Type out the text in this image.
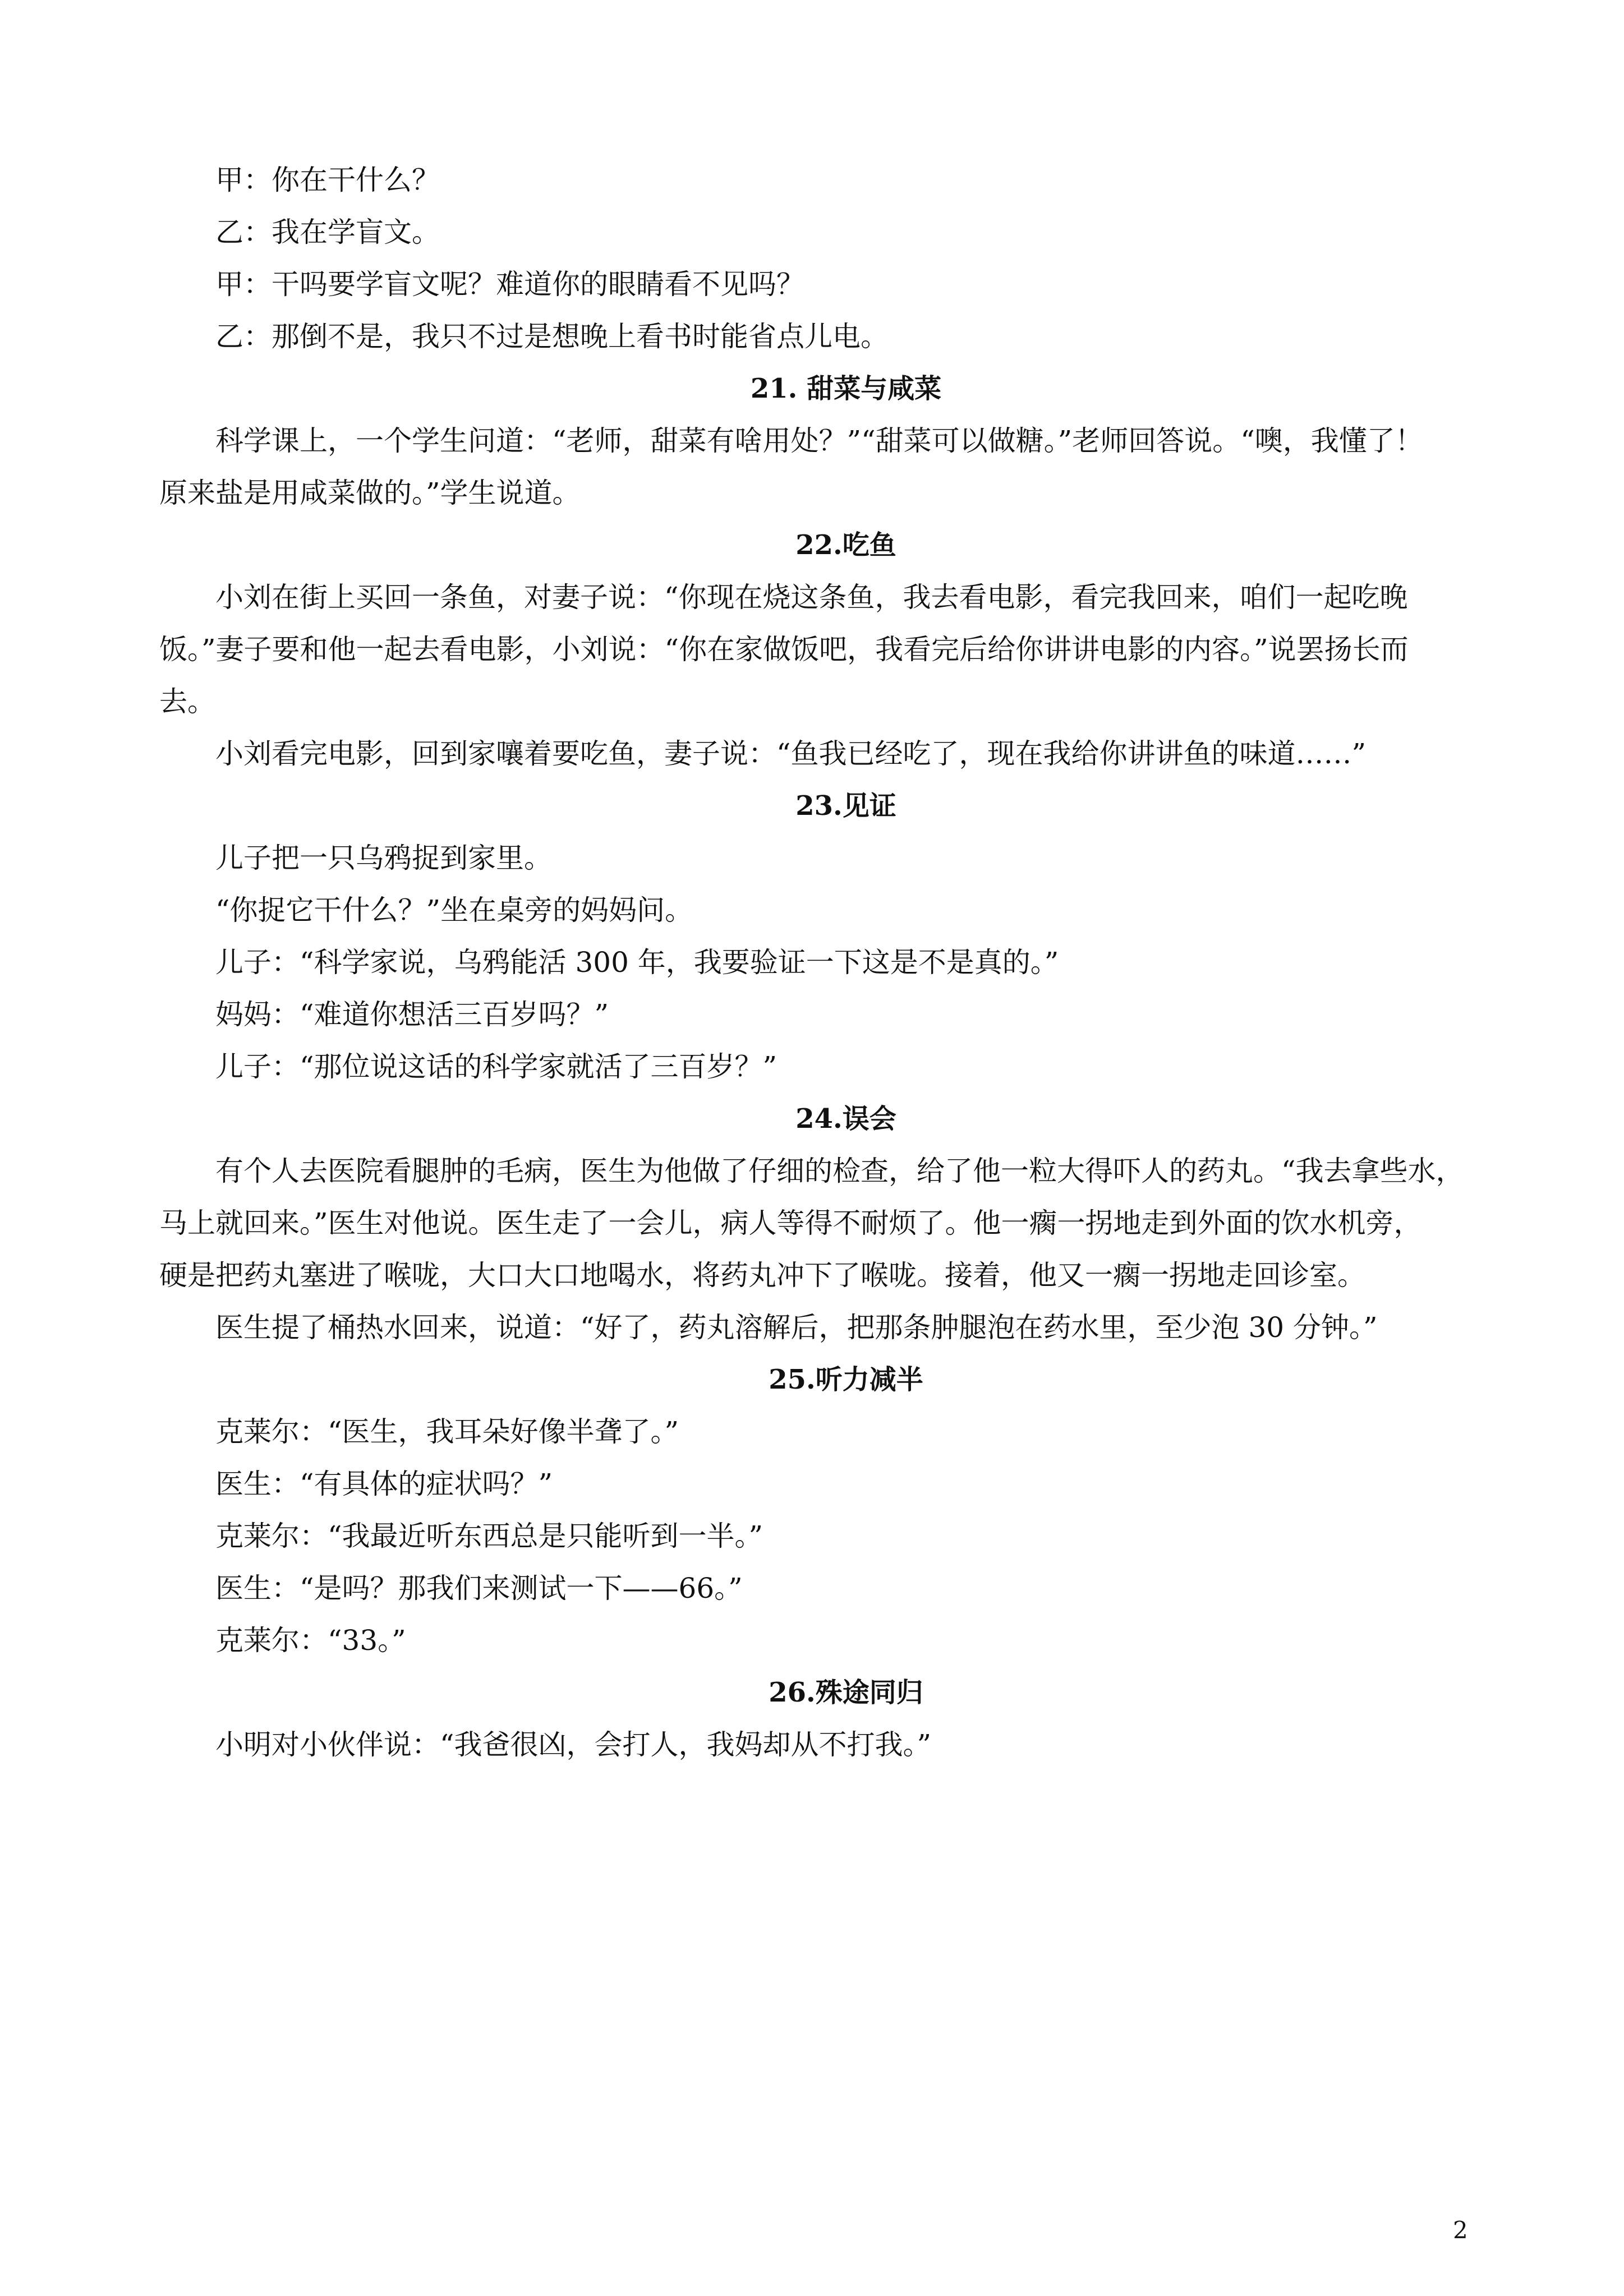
甲：你在干什么？

乙：我在学盲文。

甲：干吗要学盲文呢？难道你的眼睛看不见吗？

乙：那倒不是，我只不过是想晚上看书时能省点儿电。

21. 甜菜与咸菜

科学课上，一个学生问道：“老师，甜菜有啥用处？”“甜菜可以做糖。”老师回答说。“噢，我懂了！

原来盐是用咸菜做的。”学生说道。

22.吃鱼

小刘在街上买回一条鱼，对妻子说：“你现在烧这条鱼，我去看电影，看完我回来，咱们一起吃晚

饭。”妻子要和他一起去看电影，小刘说：“你在家做饭吧，我看完后给你讲讲电影的内容。”说罢扬长而

去。

小刘看完电影，回到家嚷着要吃鱼，妻子说：“鱼我已经吃了，现在我给你讲讲鱼的味道……”

23.见证

儿子把一只乌鸦捉到家里。

“你捉它干什么？”坐在桌旁的妈妈问。

儿子：“科学家说，乌鸦能活 300 年，我要验证一下这是不是真的。”

妈妈：“难道你想活三百岁吗？”

儿子：“那位说这话的科学家就活了三百岁？”

24.误会

有个人去医院看腿肿的毛病，医生为他做了仔细的检查，给了他一粒大得吓人的药丸。“我去拿些水，

马上就回来。”医生对他说。医生走了一会儿，病人等得不耐烦了。他一瘸一拐地走到外面的饮水机旁，

硬是把药丸塞进了喉咙，大口大口地喝水，将药丸冲下了喉咙。接着，他又一瘸一拐地走回诊室。

医生提了桶热水回来，说道：“好了，药丸溶解后，把那条肿腿泡在药水里，至少泡 30 分钟。”

25.听力减半

克莱尔：“医生，我耳朵好像半聋了。”

医生：“有具体的症状吗？”

克莱尔：“我最近听东西总是只能听到一半。”

医生：“是吗？那我们来测试一下——66。”

克莱尔：“33。”

26.殊途同归

小明对小伙伴说：“我爸很凶，会打人，我妈却从不打我。”

2
